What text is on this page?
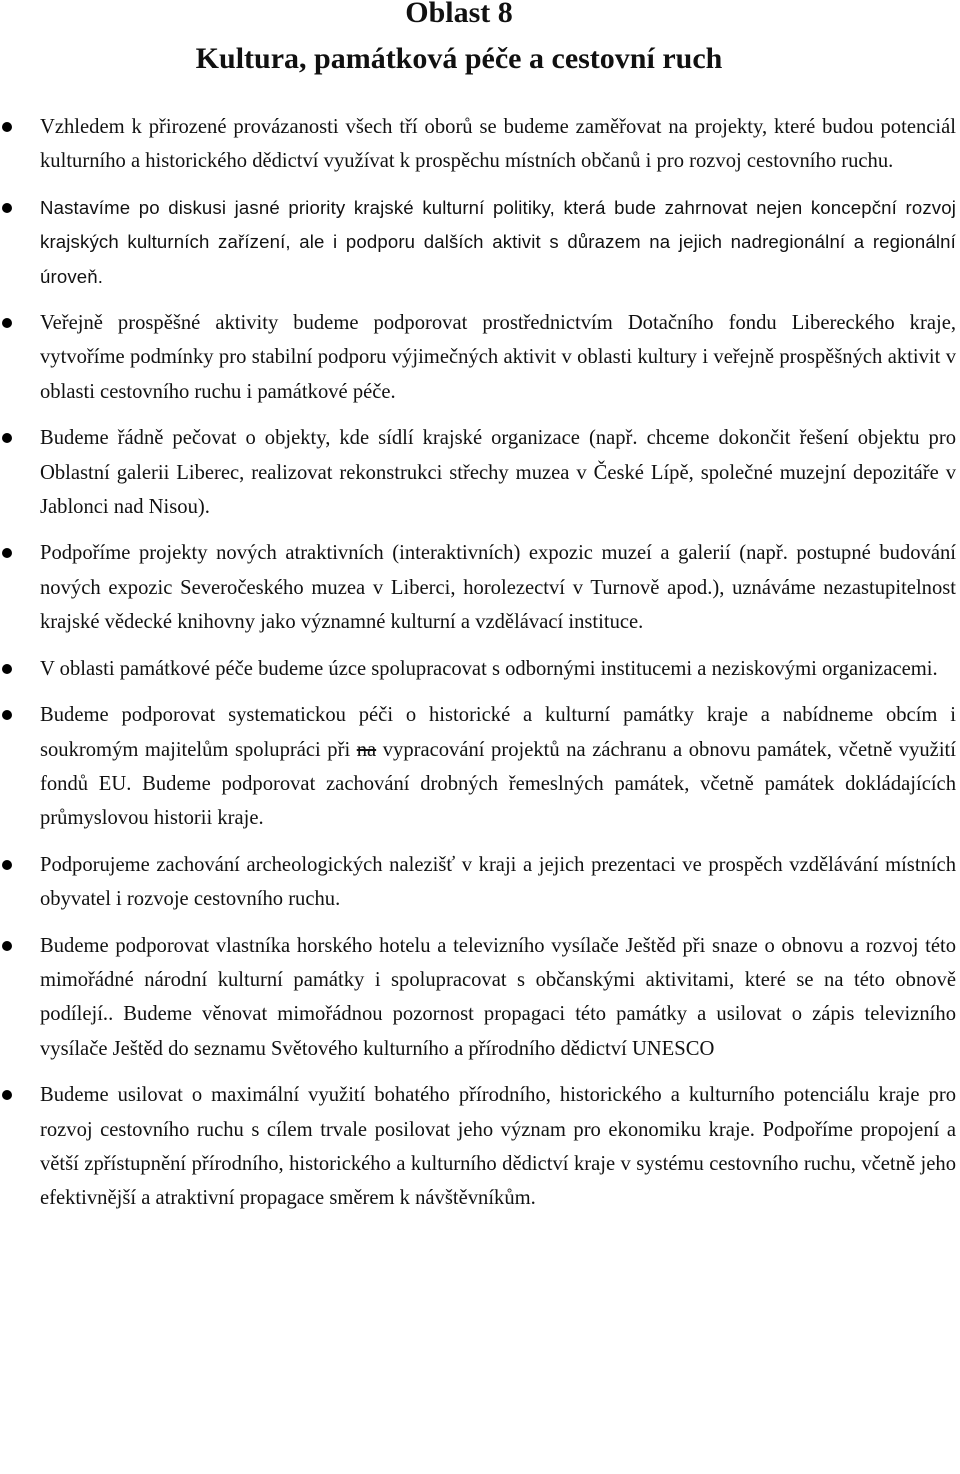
Oblast 8
Kultura, památková péče a cestovní ruch
Vzhledem k přirozené provázanosti všech tří oborů se budeme zaměřovat na projekty, které budou potenciál kulturního a historického dědictví využívat k prospěchu místních občanů i pro rozvoj cestovního ruchu.
Nastavíme po diskusi jasné priority krajské kulturní politiky, která bude zahrnovat nejen koncepční rozvoj krajských kulturních zařízení, ale i podporu dalších aktivit s důrazem na jejich nadregionální a regionální úroveň.
Veřejně prospěšné aktivity budeme podporovat prostřednictvím Dotačního fondu Libereckého kraje, vytvoříme podmínky pro stabilní podporu výjimečných aktivit v oblasti kultury i veřejně prospěšných aktivit v oblasti cestovního ruchu i památkové péče.
Budeme řádně pečovat o objekty, kde sídlí krajské organizace (např. chceme dokončit řešení objektu pro Oblastní galerii Liberec, realizovat rekonstrukci střechy muzea v České Lípě, společné muzejní depozitáře v Jablonci nad Nisou).
Podpoříme projekty nových atraktivních (interaktivních) expozic muzeí a galerií (např. postupné budování nových expozic Severočeského muzea v Liberci, horolezectví v Turnově apod.), uznáváme nezastupitelnost krajské vědecké knihovny jako významné kulturní a vzdělávací instituce.
V oblasti památkové péče budeme úzce spolupracovat s odbornými institucemi a neziskovými organizacemi.
Budeme podporovat systematickou péči o historické a kulturní památky kraje a nabídneme obcím i soukromým majitelům spolupráci při na vypracování projektů na záchranu a obnovu památek, včetně využití fondů EU. Budeme podporovat zachování drobných řemeslných památek, včetně památek dokládajících průmyslovou historii kraje.
Podporujeme zachování archeologických nalezišť v kraji a jejich prezentaci ve prospěch vzdělávání místních obyvatel i rozvoje cestovního ruchu.
Budeme podporovat vlastníka horského hotelu a televizního vysílače Ještěd při snaze o obnovu a rozvoj této mimořádné národní kulturní památky i spolupracovat s občanskými aktivitami, které se na této obnově podílejí.. Budeme věnovat mimořádnou pozornost propagaci této památky a usilovat o zápis televizního vysílače Ještěd do seznamu Světového kulturního a přírodního dědictví UNESCO
Budeme usilovat o maximální využití bohatého přírodního, historického a kulturního potenciálu kraje pro rozvoj cestovního ruchu s cílem trvale posilovat jeho význam pro ekonomiku kraje. Podpoříme propojení a větší zpřístupnění přírodního, historického a kulturního dědictví kraje v systému cestovního ruchu, včetně jeho efektivnější a atraktivní propagace směrem k návštěvníkům.
